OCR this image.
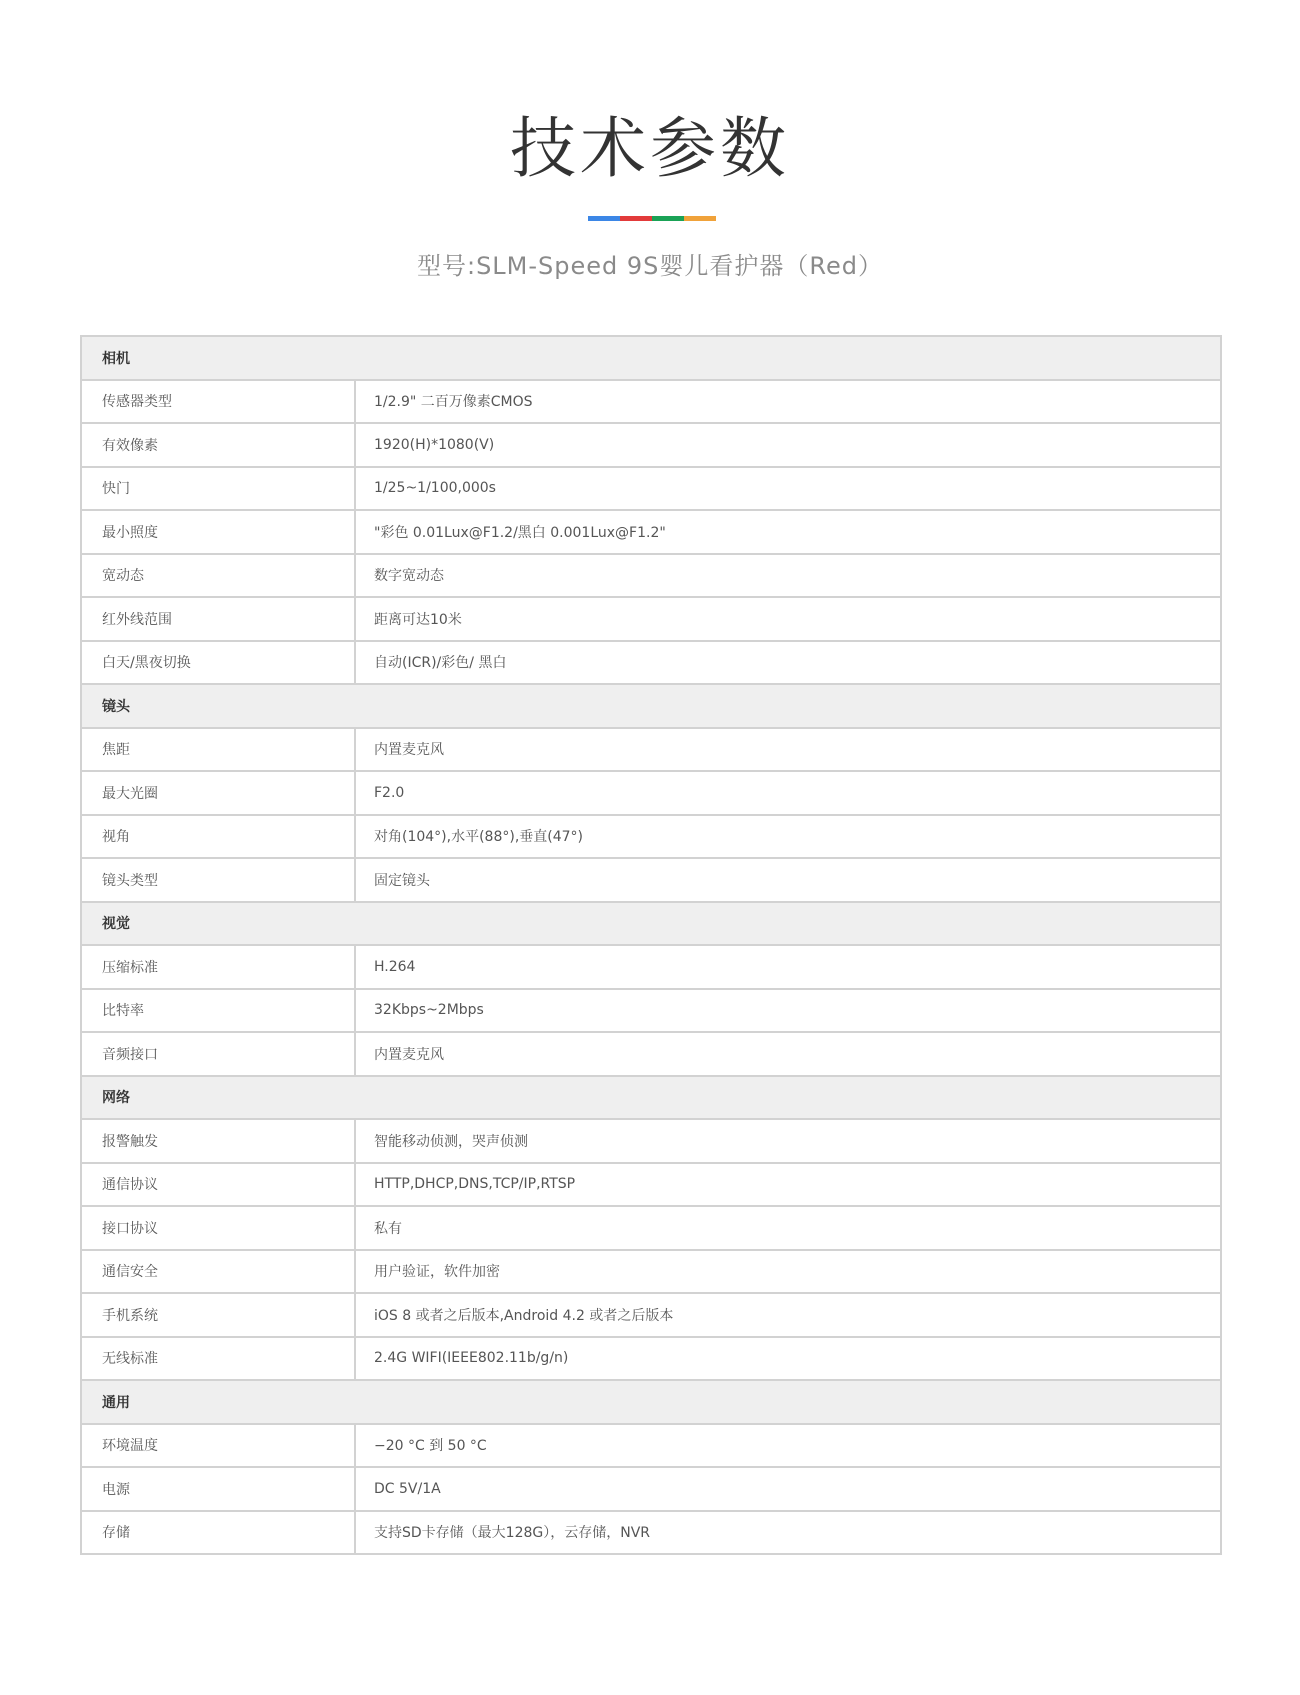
技术参数
型号:SLM-Speed 9S婴儿看护器（Red）
相机	
传感器类型	1/2.9" 二百万像素CMOS
有效像素	1920(H)*1080(V)
快门	1/25~1/100,000s
最小照度	"彩色 0.01Lux@F1.2/黑白 0.001Lux@F1.2"
宽动态	数字宽动态
红外线范围	距离可达10米
白天/黑夜切换	自动(ICR)/彩色/ 黑白
镜头	
焦距	内置麦克风
最大光圈	F2.0
视角	对角(104°),水平(88°),垂直(47°)
镜头类型	固定镜头
视觉	
压缩标准	H.264
比特率	32Kbps~2Mbps
音频接口	内置麦克风
网络	
报警触发	智能移动侦测，哭声侦测
通信协议	HTTP,DHCP,DNS,TCP/IP,RTSP
接口协议	私有
通信安全	用户验证，软件加密
手机系统	iOS 8 或者之后版本,Android 4.2 或者之后版本
无线标准	2.4G WIFI(IEEE802.11b/g/n)
通用	
环境温度	−20 °C 到 50 °C
电源	DC 5V/1A
存储	支持SD卡存储（最大128G），云存储，NVR
